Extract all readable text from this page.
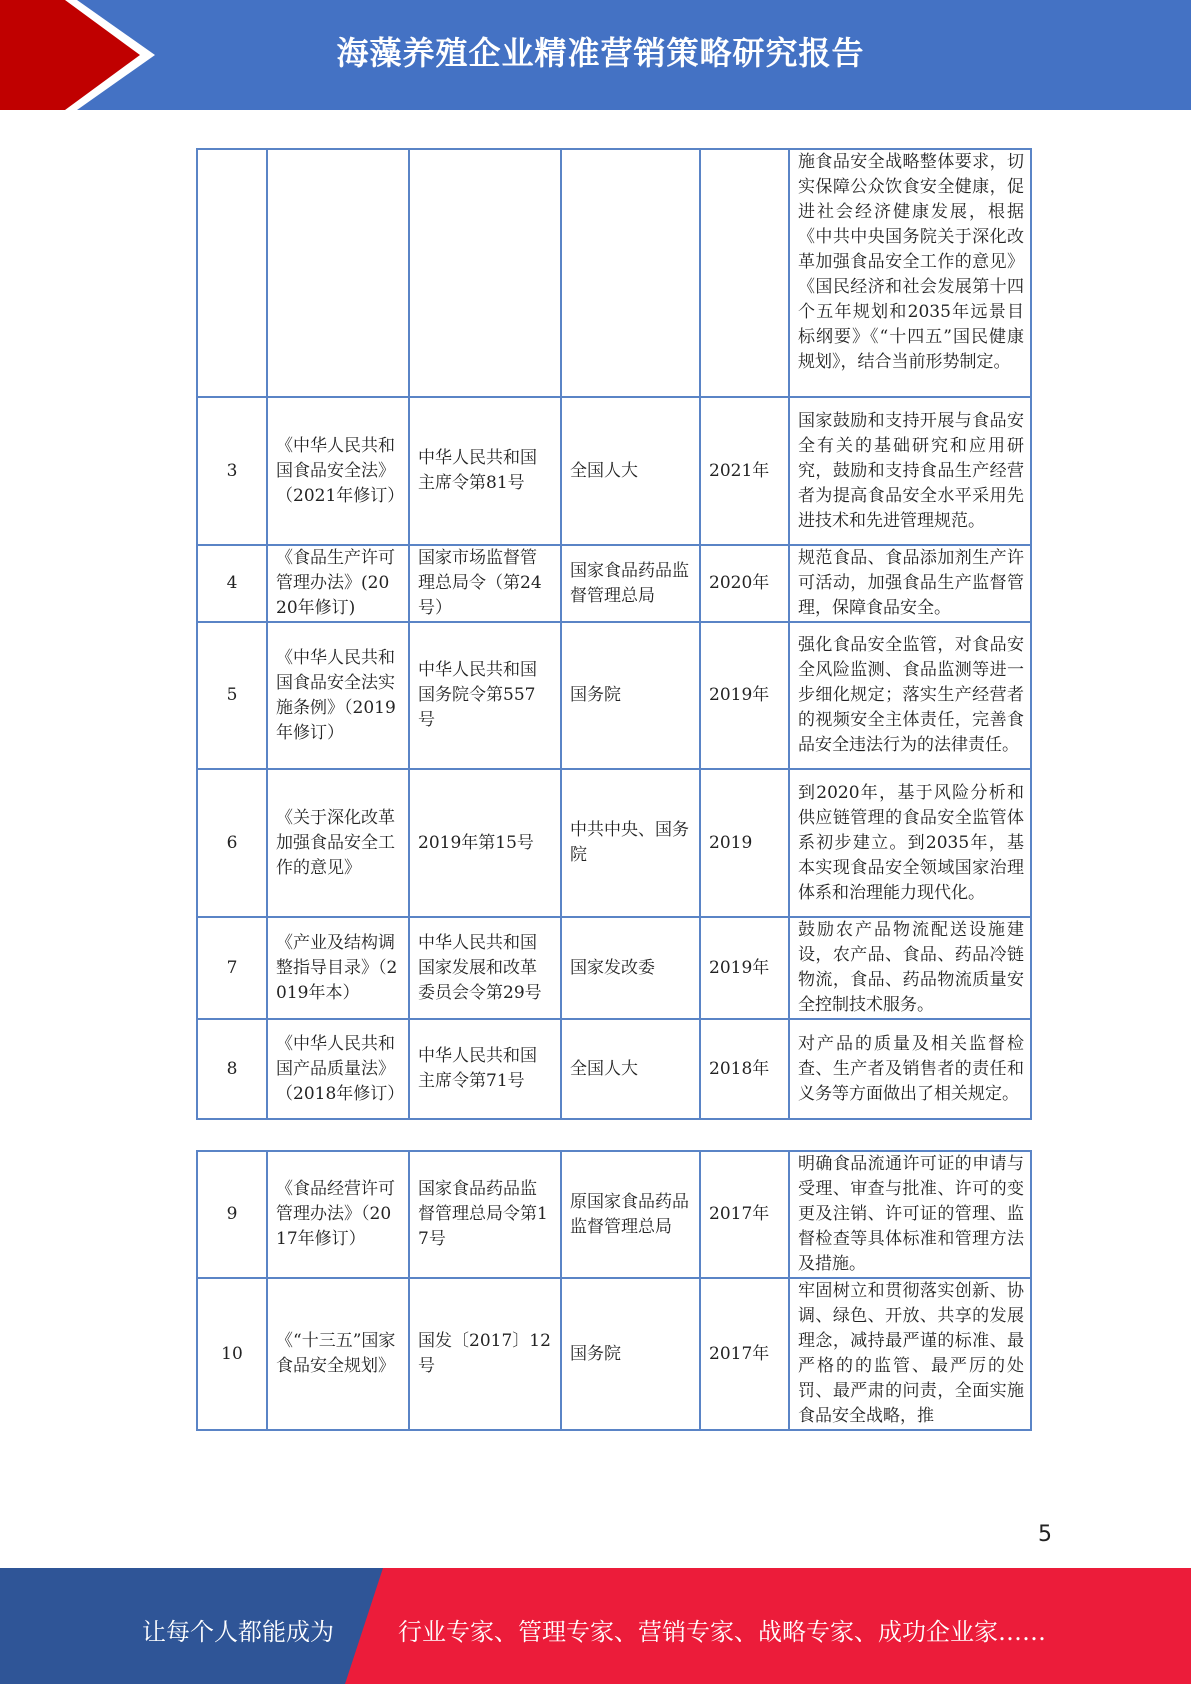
海藻养殖企业精准营销策略研究报告
					施食品安全战略整体要求，切实保障公众饮食安全健康，促进社会经济健康发展，根据《中共中央国务院关于深化改革加强食品安全工作的意见》《国民经济和社会发展第十四个五年规划和2035年远景目标纲要》《“十四五”国民健康规划》，结合当前形势制定。
3	《中华人民共和国食品安全法》（2021年修订）	中华人民共和国主席令第81号	全国人大	2021年	国家鼓励和支持开展与食品安全有关的基础研究和应用研究，鼓励和支持食品生产经营者为提高食品安全水平采用先进技术和先进管理规范。
4	《食品生产许可管理办法》(2020年修订)	国家市场监督管理总局令（第24号）	国家食品药品监督管理总局	2020年	规范食品、食品添加剂生产许可活动，加强食品生产监督管理，保障食品安全。
5	《中华人民共和国食品安全法实施条例》（2019年修订）	中华人民共和国国务院令第557号	国务院	2019年	强化食品安全监管，对食品安全风险监测、食品监测等进一步细化规定；落实生产经营者的视频安全主体责任，完善食品安全违法行为的法律责任。
6	《关于深化改革加强食品安全工作的意见》	2019年第15号	中共中央、国务院	2019	到2020年，基于风险分析和供应链管理的食品安全监管体系初步建立。到2035年，基本实现食品安全领域国家治理体系和治理能力现代化。
7	《产业及结构调整指导目录》（2019年本）	中华人民共和国国家发展和改革委员会令第29号	国家发改委	2019年	鼓励农产品物流配送设施建设，农产品、食品、药品冷链物流，食品、药品物流质量安全控制技术服务。
8	《中华人民共和国产品质量法》（2018年修订）	中华人民共和国主席令第71号	全国人大	2018年	对产品的质量及相关监督检查、生产者及销售者的责任和义务等方面做出了相关规定。
9	《食品经营许可管理办法》（2017年修订）	国家食品药品监督管理总局令第17号	原国家食品药品监督管理总局	2017年	明确食品流通许可证的申请与受理、审查与批准、许可的变更及注销、许可证的管理、监督检查等具体标准和管理方法及措施。
10	《“十三五”国家食品安全规划》	国发〔2017〕12号	国务院	2017年	牢固树立和贯彻落实创新、协调、绿色、开放、共享的发展理念，减持最严谨的标准、最严格的的监管、最严厉的处罚、最严肃的问责，全面实施食品安全战略，推
5
让每个人都能成为	行业专家、管理专家、营销专家、战略专家、成功企业家……
